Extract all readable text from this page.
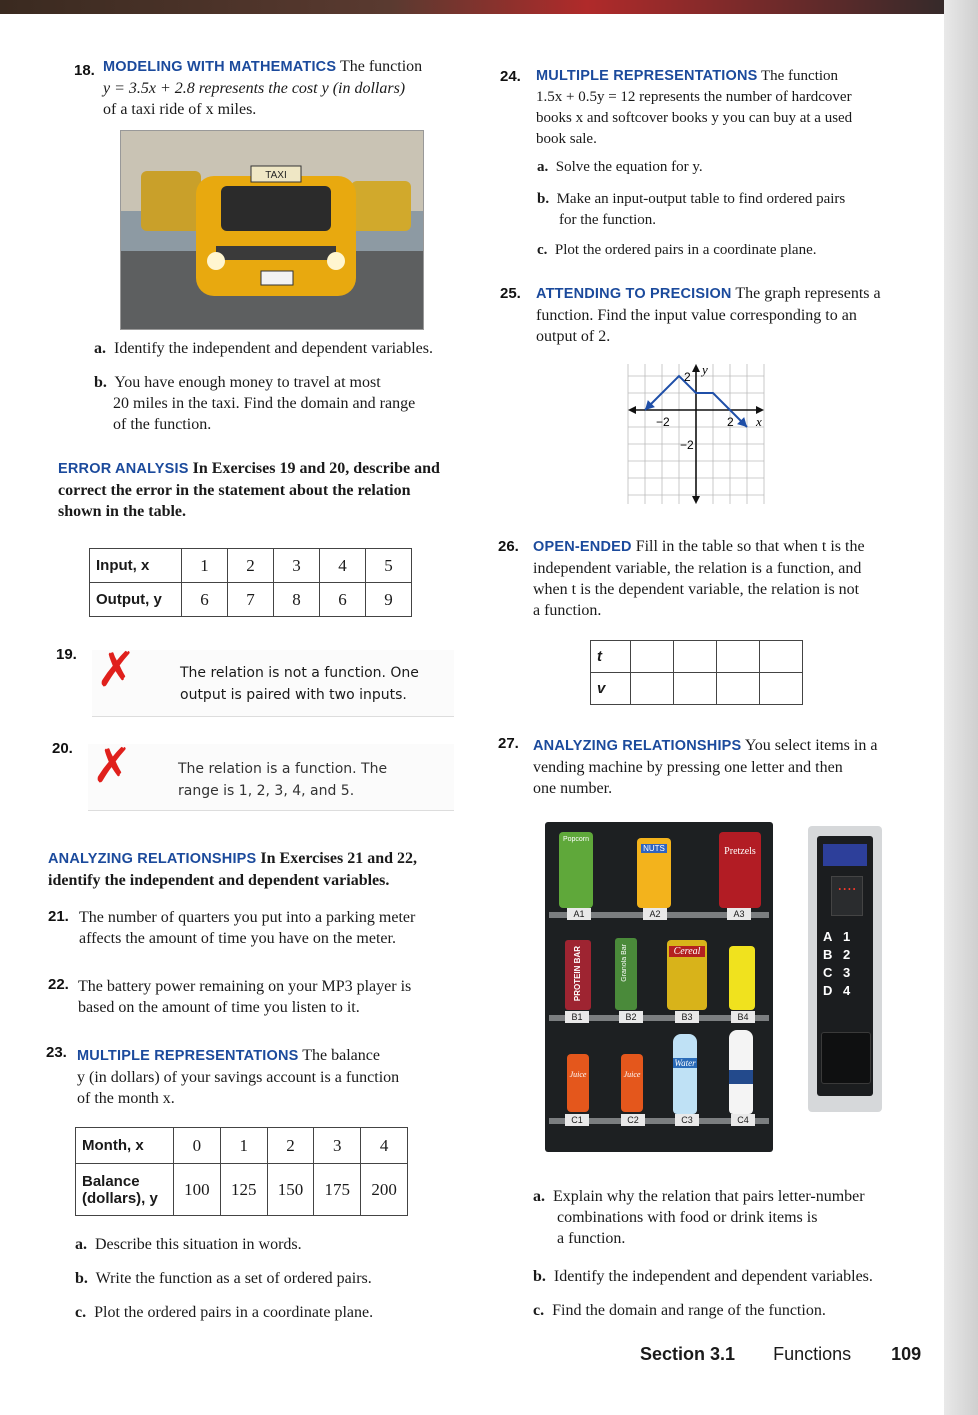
18. MODELING WITH MATHEMATICS The function
y = 3.5x + 2.8 represents the cost y (in dollars)
of a taxi ride of x miles.
TAXI
a. Identify the independent and dependent variables.
b. You have enough money to travel at most
20 miles in the taxi. Find the domain and range
of the function.
ERROR ANALYSIS In Exercises 19 and 20, describe and
correct the error in the statement about the relation
shown in the table.
Input, x	1	2	3	4	5
Output, y	6	7	8	6	9
19. ✗	The relation is not a function. One
output is paired with two inputs.
20. ✗	The relation is a function. The
range is 1, 2, 3, 4, and 5.
ANALYZING RELATIONSHIPS In Exercises 21 and 22,
identify the independent and dependent variables.
21. The number of quarters you put into a parking meter
affects the amount of time you have on the meter.
22. The battery power remaining on your MP3 player is
based on the amount of time you listen to it.
23. MULTIPLE REPRESENTATIONS The balance
y (in dollars) of your savings account is a function
of the month x.
Month, x	0	1	2	3	4

Balance
(dollars), y	100	125	150	175	200
a. Describe this situation in words.
b. Write the function as a set of ordered pairs.
c. Plot the ordered pairs in a coordinate plane.
24. MULTIPLE REPRESENTATIONS The function
1.5x + 0.5y = 12 represents the number of hardcover
books x and softcover books y you can buy at a used
book sale.
a. Solve the equation for y.
b. Make an input-output table to find ordered pairs
for the function.
c. Plot the ordered pairs in a coordinate plane.
25. ATTENDING TO PRECISION The graph represents a
function. Find the input value corresponding to an
output of 2.
y
x
2
−2	2
−2
26. OPEN-ENDED Fill in the table so that when t is the
independent variable, the relation is a function, and
when t is the dependent variable, the relation is not
a function.
t				
v				
27. ANALYZING RELATIONSHIPS You select items in a
vending machine by pressing one letter and then
one number.
Popcorn
NUTS	Pretzels
A1	A2	A3
PROTEIN BAR	Granola Bar	Cereal
B1	B2	B3	B4
Juice	Juice
Water
C1	C2	C3	C4
• • • •
A 1
B 2
C 3
D 4
a. Explain why the relation that pairs letter-number
combinations with food or drink items is
a function.
b. Identify the independent and dependent variables.
c. Find the domain and range of the function.
Section 3.1 Functions 109
